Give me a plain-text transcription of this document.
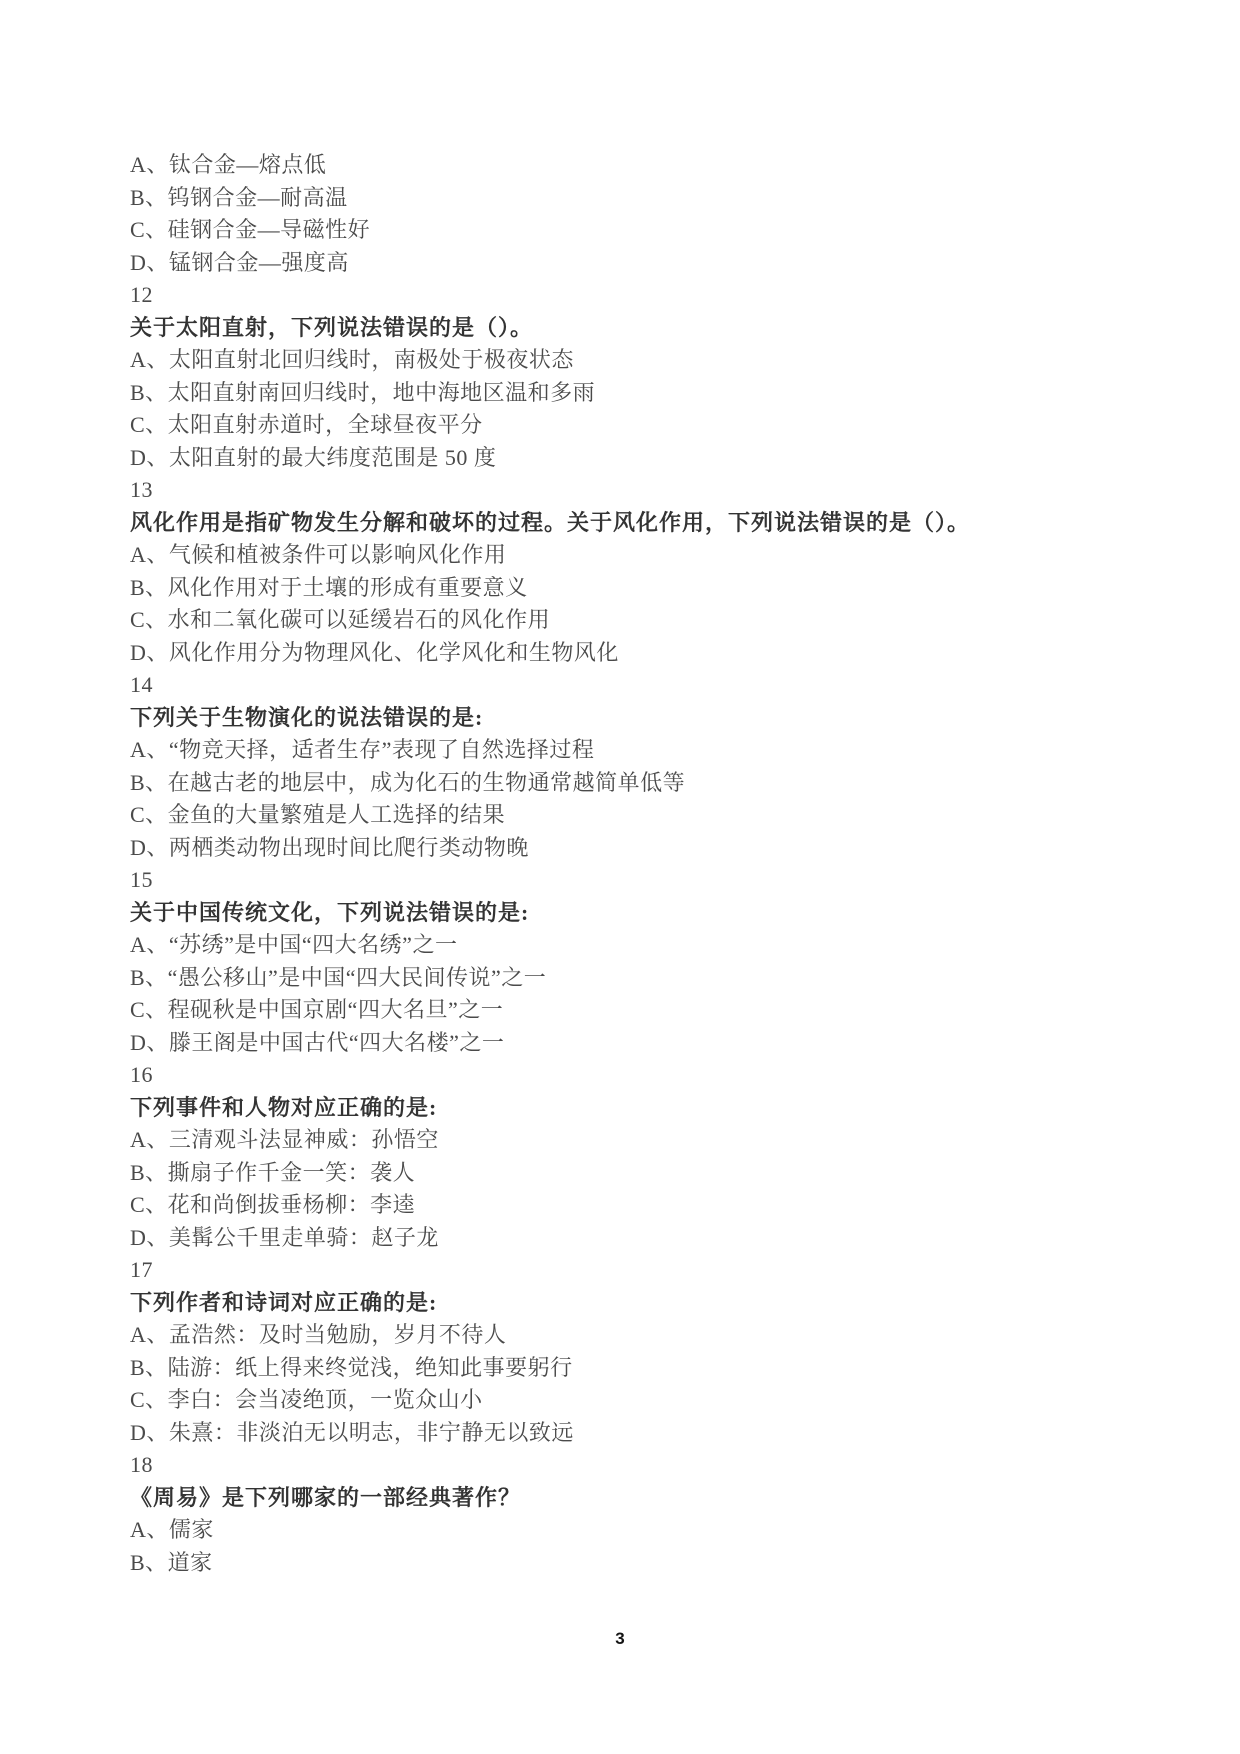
A、钛合金—熔点低
B、钨钢合金—耐高温
C、硅钢合金—导磁性好
D、锰钢合金—强度高
12
关于太阳直射，下列说法错误的是（）。
A、太阳直射北回归线时，南极处于极夜状态
B、太阳直射南回归线时，地中海地区温和多雨
C、太阳直射赤道时，全球昼夜平分
D、太阳直射的最大纬度范围是 50 度
13
风化作用是指矿物发生分解和破坏的过程。关于风化作用，下列说法错误的是（）。
A、气候和植被条件可以影响风化作用
B、风化作用对于土壤的形成有重要意义
C、水和二氧化碳可以延缓岩石的风化作用
D、风化作用分为物理风化、化学风化和生物风化
14
下列关于生物演化的说法错误的是:
A、“物竞天择，适者生存”表现了自然选择过程
B、在越古老的地层中，成为化石的生物通常越简单低等
C、金鱼的大量繁殖是人工选择的结果
D、两栖类动物出现时间比爬行类动物晚
15
关于中国传统文化，下列说法错误的是:
A、“苏绣”是中国“四大名绣”之一
B、“愚公移山”是中国“四大民间传说”之一
C、程砚秋是中国京剧“四大名旦”之一
D、滕王阁是中国古代“四大名楼”之一
16
下列事件和人物对应正确的是:
A、三清观斗法显神威：孙悟空
B、撕扇子作千金一笑：袭人
C、花和尚倒拔垂杨柳：李逵
D、美髯公千里走单骑：赵子龙
17
下列作者和诗词对应正确的是:
A、孟浩然：及时当勉励，岁月不待人
B、陆游：纸上得来终觉浅，绝知此事要躬行
C、李白：会当凌绝顶，一览众山小
D、朱熹：非淡泊无以明志，非宁静无以致远
18
《周易》是下列哪家的一部经典著作？
A、儒家
B、道家
3
